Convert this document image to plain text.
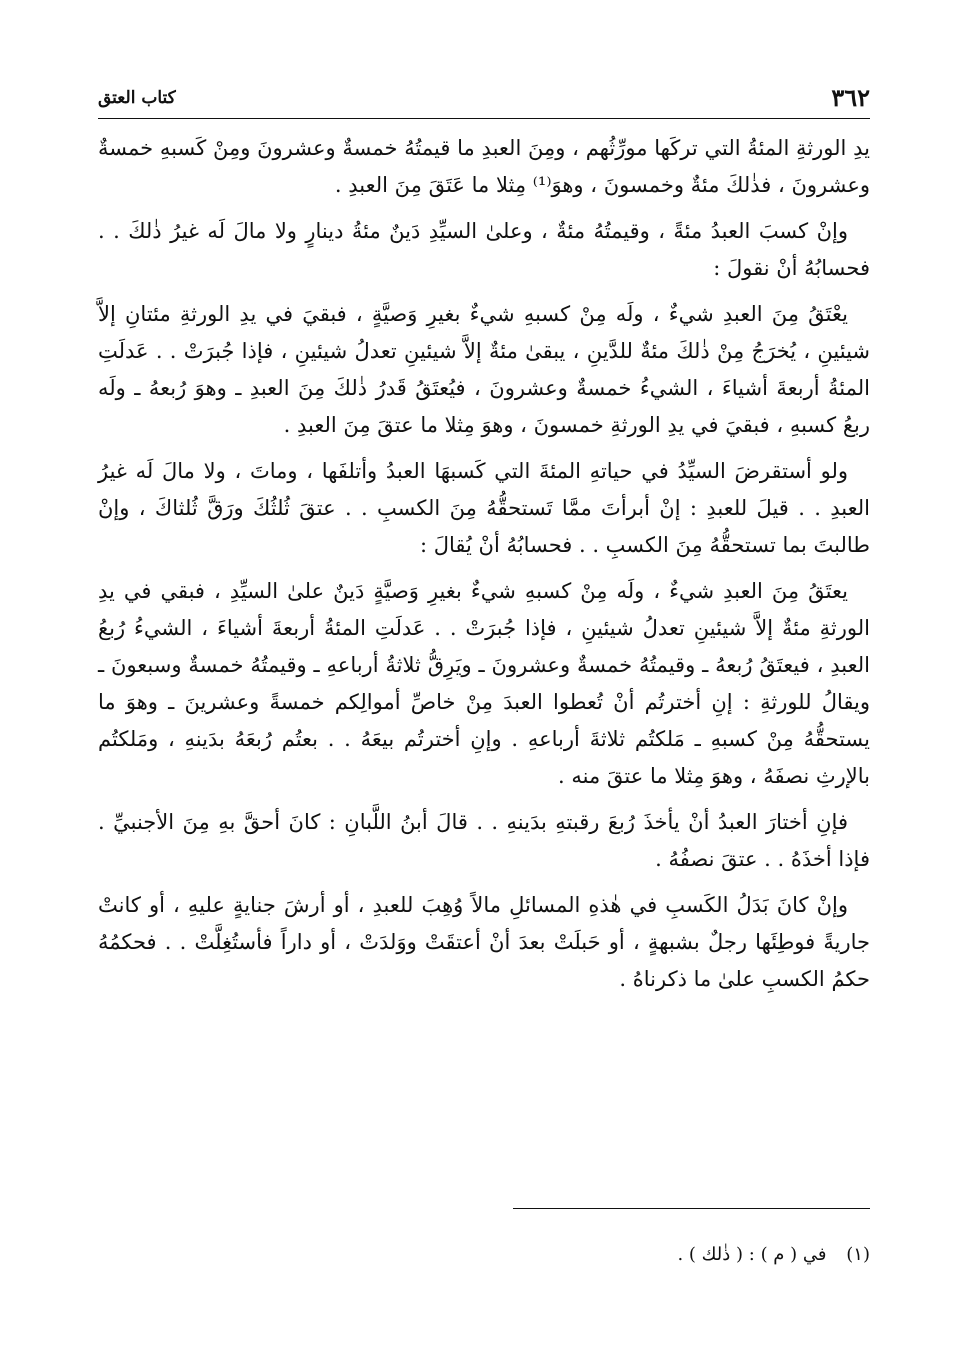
٣٦٢
كتاب العتق

يدِ الورثةِ المئةُ التي تركَها مورِّثُهم ، ومِنَ العبدِ ما قيمتُهُ خمسةٌ وعشرونَ ومِنْ كَسبهِ خمسةٌ وعشرونَ ، فذٰلكَ مئةٌ وخمسونَ ، وهوَ⁽¹⁾ مِثلا ما عَتَقَ مِنَ العبدِ .

وإنْ كسبَ العبدُ مئةً ، وقيمتُهُ مئةٌ ، وعلىٰ السيِّدِ دَينٌ مئةُ دينارٍ ولا مالَ لَه غيرُ ذٰلكَ . . فحسابُهُ أنْ نقولَ :

يعْتَقُ مِنَ العبدِ شيءٌ ، ولَه مِنْ كسبهِ شيءٌ بغيرِ وَصيَّةٍ ، فبقيَ في يدِ الورثةِ مئتانِ إلاَّ شيئينِ ، يُخرَجُ مِنْ ذٰلكَ مئةٌ للدَّينِ ، يبقىٰ مئةٌ إلاَّ شيئينِ تعدلُ شيئينِ ، فإذا جُبرَتْ . . عَدلَتِ المئةُ أربعةَ أشياءَ ، الشيءُ خمسةٌ وعشرونَ ، فيُعتَقُ قَدرُ ذٰلكَ مِنَ العبدِ ـ وهوَ رُبعهُ ـ ولَه ربعُ كسبهِ ، فبقيَ في يدِ الورثةِ خمسونَ ، وهوَ مِثلا ما عتقَ مِنَ العبدِ .

ولو أستقرضَ السيِّدُ في حياتهِ المئةَ التي كَسبهَا العبدُ وأتلفَها ، وماتَ ، ولا مالَ لَه غيرُ العبدِ . . قيلَ للعبدِ : إنْ أبرأتَ ممَّا تَستحقُّهُ مِنَ الكسبِ . . عتقَ ثُلثُكَ ورَقَّ ثُلثاكَ ، وإنْ طالبتَ بما تستحقُّهُ مِنَ الكسبِ . . فحسابُهُ أنْ يُقالَ :

يعتَقُ مِنَ العبدِ شيءٌ ، ولَه مِنْ كسبهِ شيءٌ بغيرِ وَصيَّةٍ دَينٌ علىٰ السيِّدِ ، فبقي في يدِ الورثةِ مئةٌ إلاَّ شيئينِ تعدلُ شيئينِ ، فإذا جُبرَتْ . . عَدلَتِ المئةُ أربعةَ أشياءَ ، الشيءُ رُبعُ العبدِ ، فيعتَقُ رُبعهُ ـ وقيمتُهُ خمسةٌ وعشرونَ ـ ويَرِقُّ ثلاثةُ أرباعهِ ـ وقيمتُهُ خمسةٌ وسبعونَ ـ ويقالُ للورثةِ : إنِ أخترتُم أنْ تُعطوا العبدَ مِنْ خاصِّ أموالِكم خمسةً وعشرينَ ـ وهوَ ما يستحقُّهُ مِنْ كسبهِ ـ مَلكتُم ثلاثةَ أرباعهِ . وإنِ أخترتُم بيعَهُ . . بعتُم رُبعَهُ بدَينهِ ، ومَلكتُم بالإرثِ نصفَهُ ، وهوَ مِثلا ما عتقَ منه .

فإنِ أختارَ العبدُ أنْ يأخذَ رُبعَ رقبتهِ بدَينهِ . . قالَ أبنُ اللَّبانِ : كانَ أحقَّ بهِ مِنَ الأجنبيِّ . فإذا أخذَهُ . . عتقَ نصفُهُ .

وإنْ كانَ بَدَلُ الكَسبِ في هٰذهِ المسائلِ مالاً وُهِبَ للعبدِ ، أو أرشَ جنايةٍ عليهِ ، أو كانتْ جاريةً فوطِئَها رجلٌ بشبهةٍ ، أو حَبلَتْ بعدَ أنْ أعتقَتْ ووَلدَتْ ، أو داراً فأستُغِلَّتْ . . فحكمُهُ حكمُ الكسبِ علىٰ ما ذكرناهُ .

(١) في ( م ) : ( ذٰلك ) .
